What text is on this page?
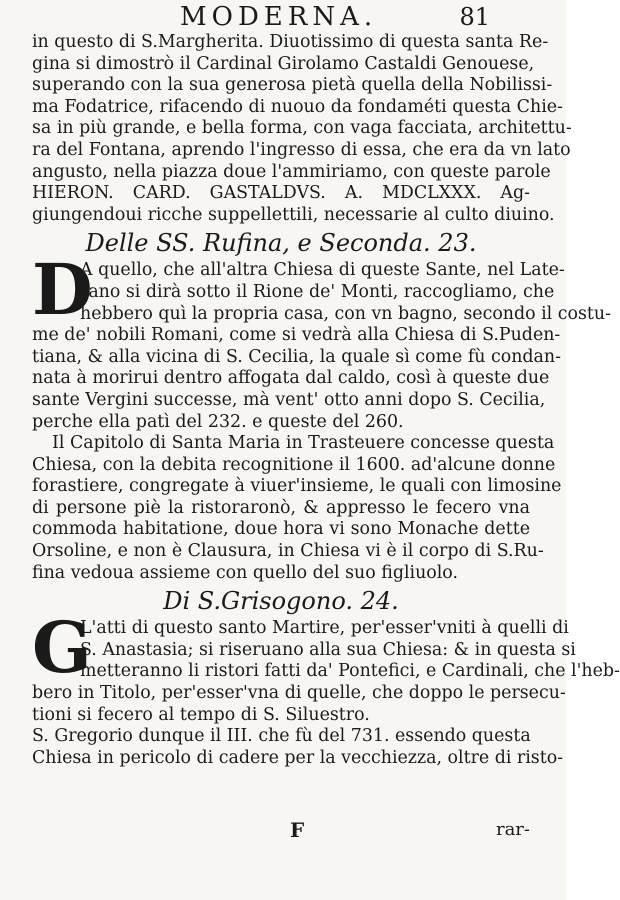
MODERNA.	81
in questo di S.Margherita. Diuotissimo di questa santa Re-
gina si dimostrò il Cardinal Girolamo Castaldi Genouese,
superando con la sua generosa pietà quella della Nobilissi-
ma Fodatrice, rifacendo di nuouo da fondaméti questa Chie-
sa in più grande, e bella forma, con vaga facciata, architettu-
ra del Fontana, aprendo l'ingresso di essa, che era da vn lato
angusto, nella piazza doue l'ammiriamo, con queste parole
HIERON. CARD. GASTALDVS. A. MDCLXXX. Ag-
giungendoui ricche suppellettili, necessarie al culto diuino.
Delle SS. Rufina, e Seconda. 23.
D
A quello, che all'altra Chiesa di queste Sante, nel Late-
rano si dirà sotto il Rione de' Monti, raccogliamo, che
hebbero quì la propria casa, con vn bagno, secondo il costu-
me de' nobili Romani, come si vedrà alla Chiesa di S.Puden-
tiana, & alla vicina di S. Cecilia, la quale sì come fù condan-
nata à morirui dentro affogata dal caldo, così à queste due
sante Vergini successe, mà vent' otto anni dopo S. Cecilia,
perche ella patì del 232. e queste del 260.
Il Capitolo di Santa Maria in Trasteuere concesse questa
Chiesa, con la debita recognitione il 1600. ad'alcune donne
forastiere, congregate à viuer'insieme, le quali con limosine
di persone piè la ristoraronò, & appresso le fecero vna
commoda habitatione, doue hora vi sono Monache dette
Orsoline, e non è Clausura, in Chiesa vi è il corpo di S.Ru-
fina vedoua assieme con quello del suo figliuolo.
Di S.Grisogono. 24.
G
L'atti di questo santo Martire, per'esser'vniti à quelli di
S. Anastasia; si riseruano alla sua Chiesa: & in questa si
metteranno li ristori fatti da' Pontefici, e Cardinali, che l'heb-
bero in Titolo, per'esser'vna di quelle, che doppo le persecu-
tioni si fecero al tempo di S. Siluestro.
S. Gregorio dunque il III. che fù del 731. essendo questa
Chiesa in pericolo di cadere per la vecchiezza, oltre di risto-
F	rar-
